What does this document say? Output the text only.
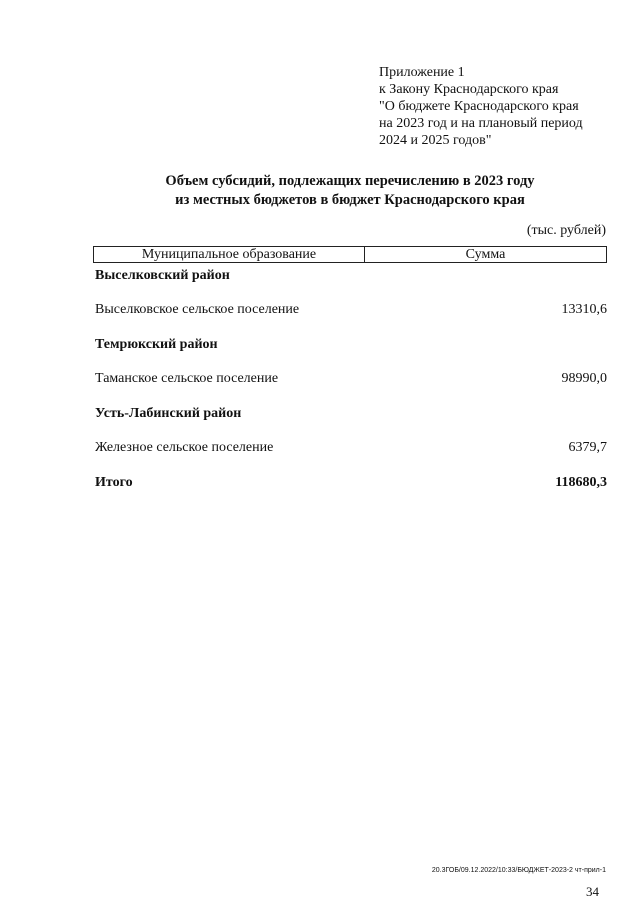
Приложение 1
к Закону Краснодарского края
"О бюджете Краснодарского края
на 2023 год и на плановый период
2024 и 2025 годов"
Объем субсидий, подлежащих перечислению в 2023 году
из местных бюджетов в бюджет Краснодарского края
(тыс. рублей)
Муниципальное образование	Сумма
Выселковский район
Выселковское сельское поселение	13310,6
Темрюкский район
Таманское сельское поселение	98990,0
Усть-Лабинский район
Железное сельское поселение	6379,7
Итого	118680,3
20.3ГОБ/09.12.2022/10:33/БЮДЖЕТ-2023-2 чт-прил-1
34
